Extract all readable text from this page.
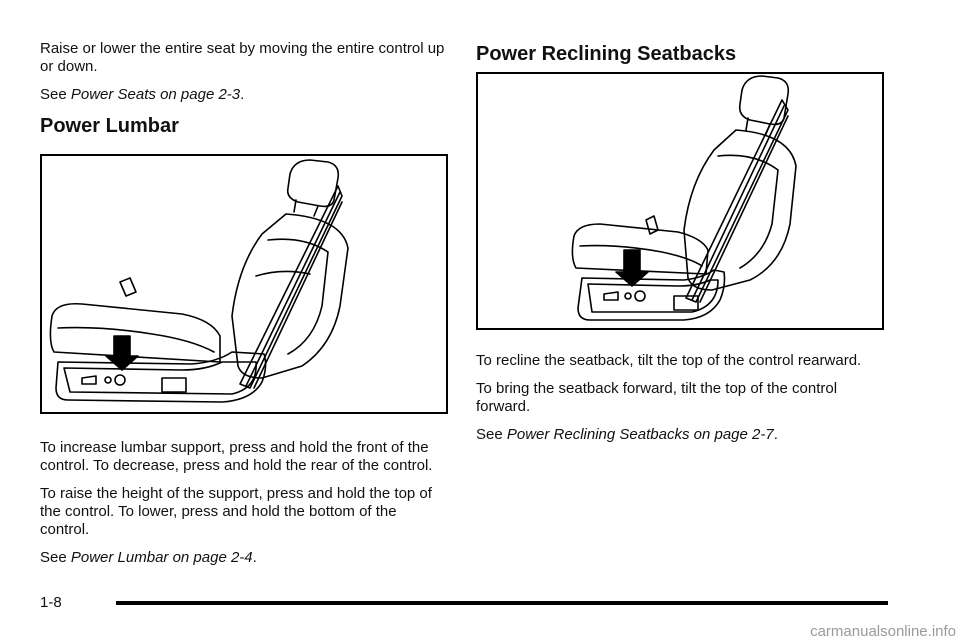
Raise or lower the entire seat by moving the entire control up or down.

See Power Seats on page 2-3.

Power Lumbar

To increase lumbar support, press and hold the front of the control. To decrease, press and hold the rear of the control.

To raise the height of the support, press and hold the top of the control. To lower, press and hold the bottom of the control.

See Power Lumbar on page 2-4.

Power Reclining Seatbacks

To recline the seatback, tilt the top of the control rearward.

To bring the seatback forward, tilt the top of the control forward.

See Power Reclining Seatbacks on page 2-7.

1-8
carmanualsonline.info
